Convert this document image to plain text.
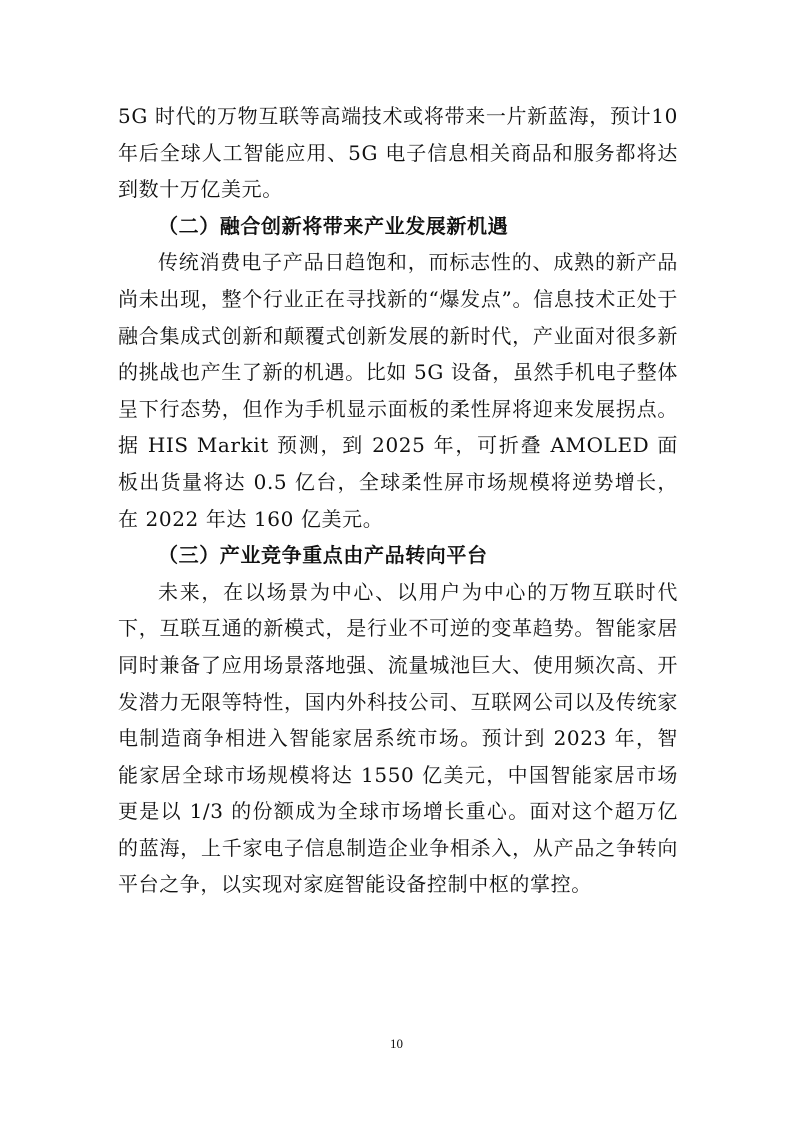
5G 时代的万物互联等高端技术或将带来一片新蓝海，预计10 年后全球人工智能应用、5G 电子信息相关商品和服务都将达到数十万亿美元。

（二）融合创新将带来产业发展新机遇

传统消费电子产品日趋饱和，而标志性的、成熟的新产品尚未出现，整个行业正在寻找新的“爆发点”。信息技术正处于融合集成式创新和颠覆式创新发展的新时代，产业面对很多新的挑战也产生了新的机遇。比如 5G 设备，虽然手机电子整体呈下行态势，但作为手机显示面板的柔性屏将迎来发展拐点。据 HIS Markit 预测，到 2025 年，可折叠 AMOLED 面板出货量将达 0.5 亿台，全球柔性屏市场规模将逆势增长，在 2022 年达 160 亿美元。

（三）产业竞争重点由产品转向平台

未来，在以场景为中心、以用户为中心的万物互联时代下，互联互通的新模式，是行业不可逆的变革趋势。智能家居同时兼备了应用场景落地强、流量城池巨大、使用频次高、开发潜力无限等特性，国内外科技公司、互联网公司以及传统家电制造商争相进入智能家居系统市场。预计到 2023 年，智能家居全球市场规模将达 1550 亿美元，中国智能家居市场更是以 1/3 的份额成为全球市场增长重心。面对这个超万亿的蓝海，上千家电子信息制造企业争相杀入，从产品之争转向平台之争，以实现对家庭智能设备控制中枢的掌控。

10
